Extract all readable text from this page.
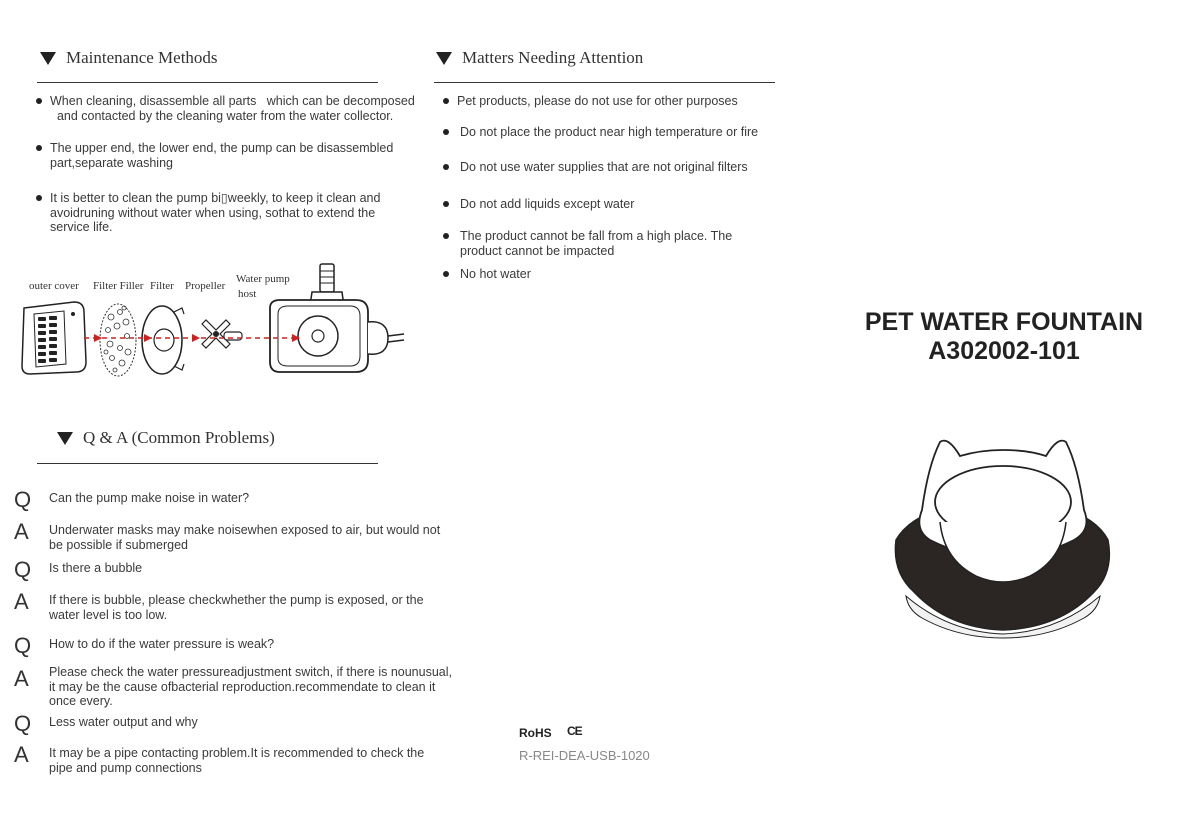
Maintenance Methods
When cleaning, disassemble all parts   which can be decomposed
and contacted by the cleaning water from the water collector.
The upper end, the lower end, the pump can be disassembled
part,separate washing
It is better to clean the pump bi▯weekly, to keep it clean and
avoidruning without water when using, sothat to extend the
service life.
outer cover Filter Filler Filter Propeller
Water pump
host
Q & A (Common Problems)
Q	Can the pump make noise in water?
A	Underwater masks may make noisewhen exposed to air, but would not
be possible if submerged
Q	Is there a bubble
A	If there is bubble, please checkwhether the pump is exposed, or the
water level is too low.
Q	How to do if the water pressure is weak?
A	Please check the water pressureadjustment switch, if there is nounusual,
it may be the cause ofbacterial reproduction.recommendate to clean it
once every.
Q	Less water output and why
A	It may be a pipe contacting problem.It is recommended to check the
pipe and pump connections
Matters Needing Attention
Pet products, please do not use for other purposes
Do not place the product near high temperature or fire
Do not use water supplies that are not original filters
Do not add liquids except water
The product cannot be fall from a high place. The
product cannot be impacted
No hot water
RoHS CE
R-REI-DEA-USB-1020
PET WATER FOUNTAIN
A302002-101
